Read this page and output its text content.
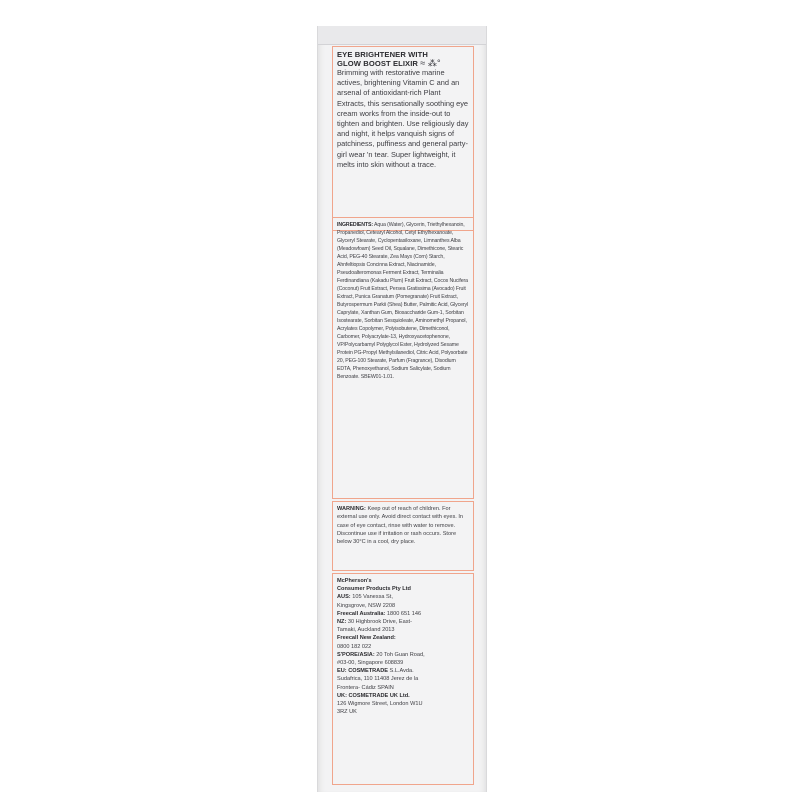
EYE BRIGHTENER WITH
GLOW BOOST ELIXIR ≈ ⁂°
Brimming with restorative marine actives, brightening Vitamin C and an arsenal of antioxidant-rich Plant Extracts, this sensationally soothing eye cream works from the inside-out to tighten and brighten. Use religiously day and night, it helps vanquish signs of patchiness, puffiness and general party-girl wear 'n tear. Super lightweight, it melts into skin without a trace.
INGREDIENTS: Aqua (Water), Glycerin, Triethylhexanoin, Propanediol, Cetearyl Alcohol, Cetyl Ethylhexanoate, Glyceryl Stearate, Cyclopentasiloxane, Limnanthes Alba (Meadowfoam) Seed Oil, Squalane, Dimethicone, Stearic Acid, PEG-40 Stearate, Zea Mays (Corn) Starch, Ahnfeltiopsis Concinna Extract, Niacinamide, Pseudoalteromonas Ferment Extract, Terminalia Ferdinandiana (Kakadu Plum) Fruit Extract, Cocos Nucifera (Coconut) Fruit Extract, Persea Gratissima (Avocado) Fruit Extract, Punica Granatum (Pomegranate) Fruit Extract, Butyrospermum Parkii (Shea) Butter, Palmitic Acid, Glyceryl Caprylate, Xanthan Gum, Biosaccharide Gum-1, Sorbitan Isostearate, Sorbitan Sesquioleate, Aminomethyl Propanol, Acrylates Copolymer, Polyisobutene, Dimethiconol, Carbomer, Polyacrylate-13, Hydroxyacetophenone, VP/Polycarbamyl Polyglycol Ester, Hydrolyzed Sesame Protein PG-Propyl Methylsilanediol, Citric Acid, Polysorbate 20, PEG-100 Stearate, Parfum (Fragrance), Disodium EDTA, Phenoxyethanol, Sodium Salicylate, Sodium Benzoate. SBEW01-1.01.
WARNING: Keep out of reach of children. For external use only. Avoid direct contact with eyes. In case of eye contact, rinse with water to remove. Discontinue use if irritation or rash occurs. Store below 30°C in a cool, dry place.
McPherson's
Consumer Products Pty Ltd
AUS: 105 Vanessa St,
Kingsgrove, NSW 2208
Freecall Australia: 1800 651 146
NZ: 30 Highbrook Drive, East-
Tamaki, Auckland 2013
Freecall New Zealand:
0800 182 022
S'PORE/ASIA: 20 Toh Guan Road,
#03-00, Singapore 608839
EU: COSMETRADE S.L.Avda.
Sudafrica, 110 11408 Jerez de la
Frontera- Cádiz SPAIN
UK: COSMETRADE UK Ltd.
126 Wigmore Street, London W1U
3RZ UK
